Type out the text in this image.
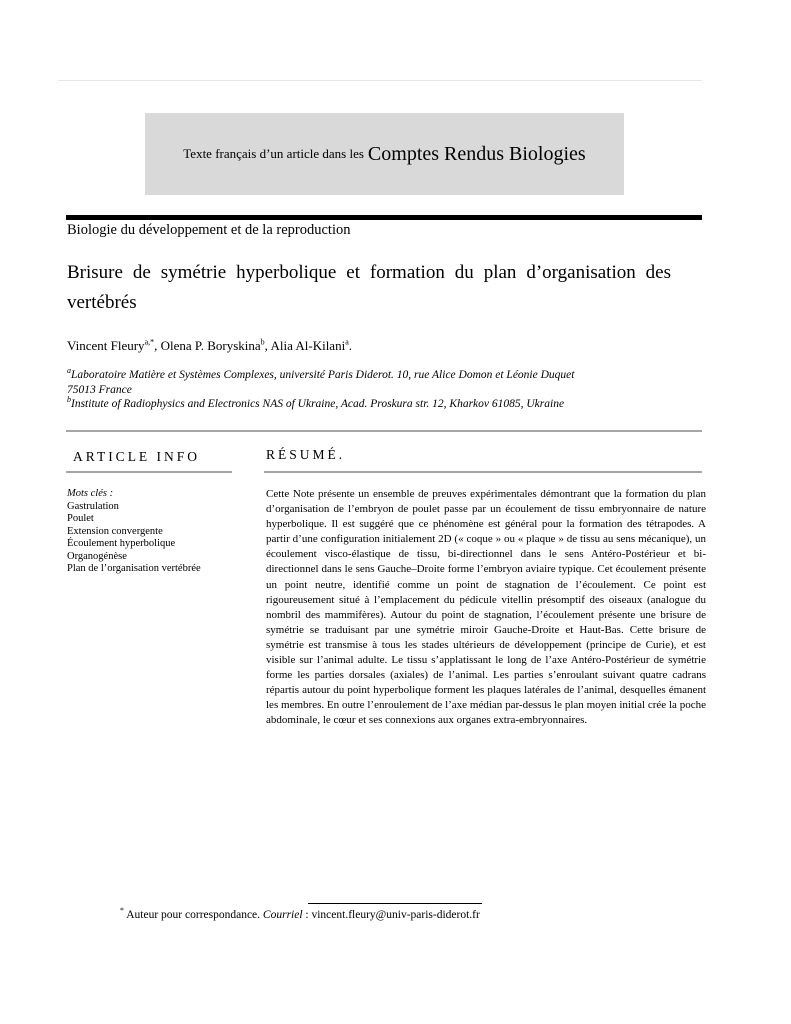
Texte français d’un article dans les Comptes Rendus Biologies
Biologie du développement et de la reproduction
Brisure de symétrie hyperbolique et formation du plan d’organisation des vertébrés
Vincent Fleury$^{a,*}$, Olena P. Boryskina$^b$, Alia Al-Kilani$^a$.
$^a$Laboratoire Matière et Systèmes Complexes, université Paris Diderot. 10, rue Alice Domon et Léonie Duquet
75013 France
$^b$Institute of Radiophysics and Electronics NAS of Ukraine, Acad. Proskura str. 12, Kharkov 61085, Ukraine
ARTICLE INFO	RÉSUMÉ.
Mots clés :
Gastrulation
Poulet
Extension convergente
Écoulement hyperbolique
Organogénèse
Plan de l’organisation vertébrée
Cette Note présente un ensemble de preuves expérimentales démontrant que la formation du plan d’organisation de l’embryon de poulet passe par un écoulement de tissu embryonnaire de nature hyperbolique. Il est suggéré que ce phénomène est général pour la formation des tétrapodes. A partir d’une configuration initialement 2D (« coque » ou « plaque » de tissu au sens mécanique), un écoulement visco-élastique de tissu, bi-directionnel dans le sens Antéro-Postérieur et bi-directionnel dans le sens Gauche–Droite forme l’embryon aviaire typique. Cet écoulement présente un point neutre, identifié comme un point de stagnation de l’écoulement. Ce point est rigoureusement situé à l’emplacement du pédicule vitellin présomptif des oiseaux (analogue du nombril des mammifères). Autour du point de stagnation, l’écoulement présente une brisure de symétrie se traduisant par une symétrie miroir Gauche-Droite et Haut-Bas. Cette brisure de symétrie est transmise à tous les stades ultérieurs de développement (principe de Curie), et est visible sur l’animal adulte. Le tissu s’applatissant le long de l’axe Antéro-Postérieur de symétrie forme les parties dorsales (axiales) de l’animal. Les parties s’enroulant suivant quatre cadrans répartis autour du point hyperbolique forment les plaques latérales de l’animal, desquelles émanent les membres. En outre l’enroulement de l’axe médian par-dessus le plan moyen initial crée la poche abdominale, le cœur et ses connexions aux organes extra-embryonnaires.
* Auteur pour correspondance. Courriel : vincent.fleury@univ-paris-diderot.fr
